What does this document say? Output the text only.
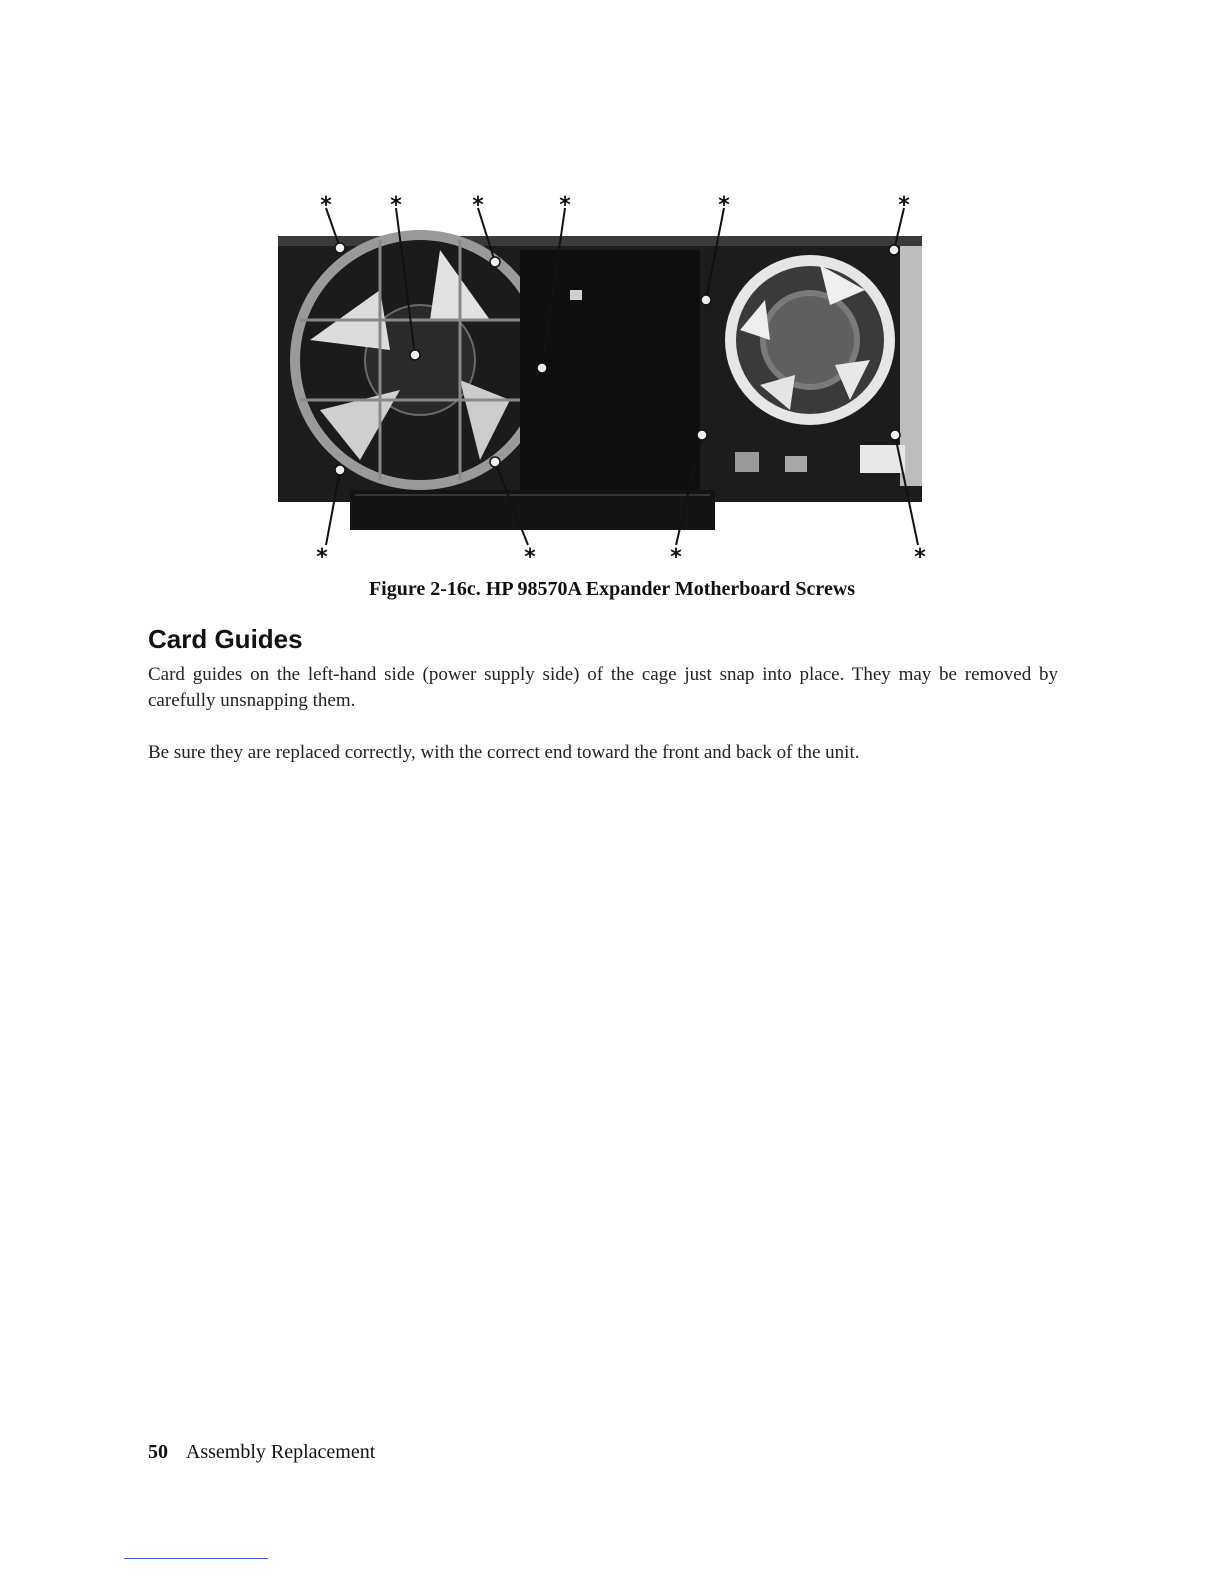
*	*	*	*	*	*
*	*	*	*
Figure 2-16c. HP 98570A Expander Motherboard Screws
Card Guides

Card guides on the left-hand side (power supply side) of the cage just snap into place. They may be removed by carefully unsnapping them.

Be sure they are replaced correctly, with the correct end toward the front and back of the unit.

50 Assembly Replacement
